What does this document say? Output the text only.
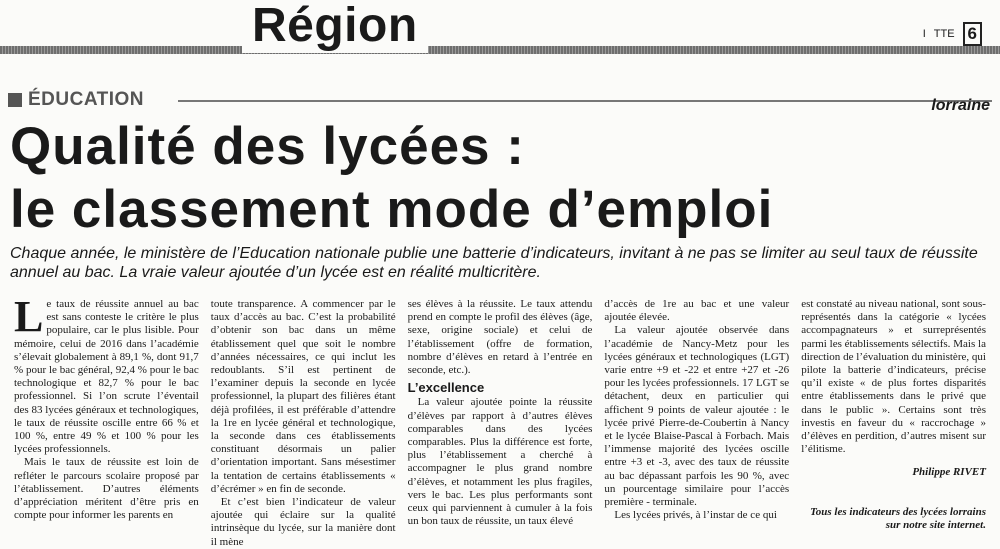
Région	I TTE 6
ÉDUCATION	lorraine
Qualité des lycées :
le classement mode d’emploi
Chaque année, le ministère de l’Education nationale publie une batterie d’indicateurs, invitant à ne pas se limiter au seul taux de réussite annuel au bac. La vraie valeur ajoutée d’un lycée est en réalité multicritère.

Le taux de réussite annuel au bac est sans conteste le critère le plus populaire, car le plus lisible. Pour mémoire, celui de 2016 dans l’académie s’élevait globalement à 89,1 %, dont 91,7 % pour le bac général, 92,4 % pour le bac technologique et 82,7 % pour le bac professionnel. Si l’on scrute l’éventail des 83 lycées généraux et technologiques, le taux de réussite oscille entre 66 % et 100 %, entre 49 % et 100 % pour les lycées professionnels.

Mais le taux de réussite est loin de refléter le parcours scolaire proposé par l’établissement. D’autres éléments d’appréciation méritent d’être pris en compte pour informer les parents en

toute transparence. A commencer par le taux d’accès au bac. C’est la probabilité d’obtenir son bac dans un même établissement quel que soit le nombre d’années nécessaires, ce qui inclut les redoublants. S’il est pertinent de l’examiner depuis la seconde en lycée professionnel, la plupart des filières étant déjà profilées, il est préférable d’attendre la 1re en lycée général et technologique, la seconde dans ces établissements constituant désormais un palier d’orientation important. Sans mésestimer la tentation de certains établissements « d’écrémer » en fin de seconde.

Et c’est bien l’indicateur de valeur ajoutée qui éclaire sur la qualité intrinsèque du lycée, sur la manière dont il mène

ses élèves à la réussite. Le taux attendu prend en compte le profil des élèves (âge, sexe, origine sociale) et celui de l’établissement (offre de formation, nombre d’élèves en retard à l’entrée en seconde, etc.).

L’excellence

La valeur ajoutée pointe la réussite d’élèves par rapport à d’autres élèves comparables dans des lycées comparables. Plus la différence est forte, plus l’établissement a cherché à accompagner le plus grand nombre d’élèves, et notamment les plus fragiles, vers le bac. Les plus performants sont ceux qui parviennent à cumuler à la fois un bon taux de réussite, un taux élevé

d’accès de 1re au bac et une valeur ajoutée élevée.

La valeur ajoutée observée dans l’académie de Nancy-Metz pour les lycées généraux et technologiques (LGT) varie entre +9 et -22 et entre +27 et -26 pour les lycées professionnels. 17 LGT se détachent, deux en particulier qui affichent 9 points de valeur ajoutée : le lycée privé Pierre-de-Coubertin à Nancy et le lycée Blaise-Pascal à Forbach. Mais l’immense majorité des lycées oscille entre +3 et -3, avec des taux de réussite au bac dépassant parfois les 90 %, avec un pourcentage similaire pour l’accès première - terminale.

Les lycées privés, à l’instar de ce qui

est constaté au niveau national, sont sous-représentés dans la catégorie « lycées accompagnateurs » et surreprésentés parmi les établissements sélectifs. Mais la direction de l’évaluation du ministère, qui pilote la batterie d’indicateurs, précise qu’il existe « de plus fortes disparités entre établissements dans le privé que dans le public ». Certains sont très investis en faveur du « raccrochage » d’élèves en perdition, d’autres misent sur l’élitisme.

Philippe RIVET
Tous les indicateurs des lycées lorrains sur notre site internet.
